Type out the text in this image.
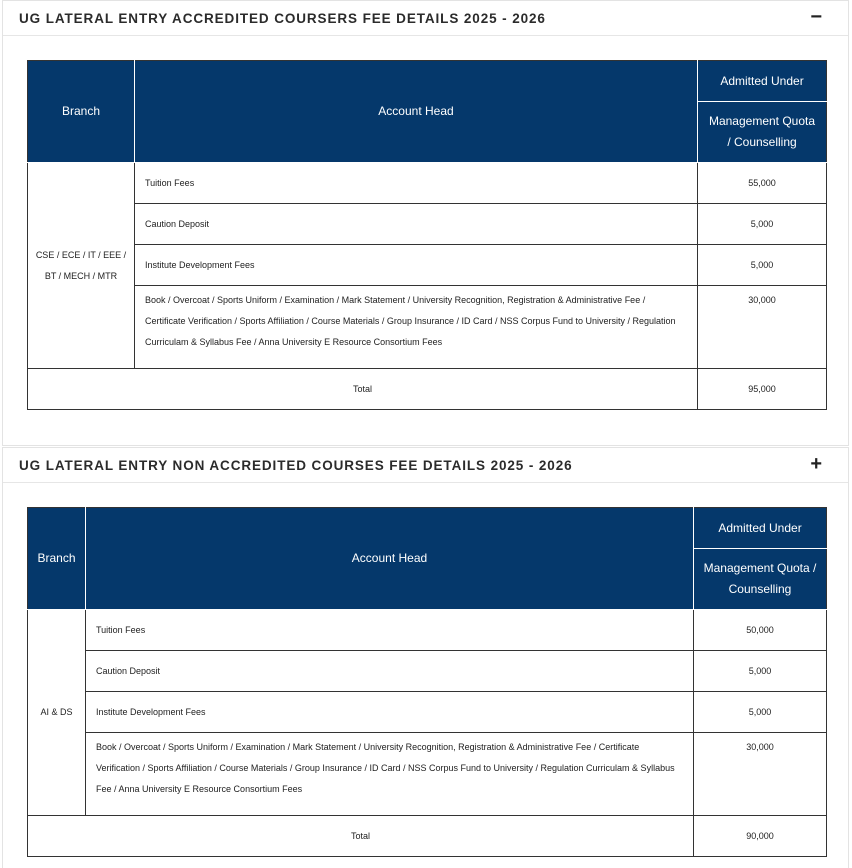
UG LATERAL ENTRY ACCREDITED COURSERS FEE DETAILS 2025 - 2026	−
Branch	Account Head	Admitted Under
		Management Quota / Counselling
CSE / ECE / IT / EEE / BT / MECH / MTR	Tuition Fees	55,000
	Caution Deposit	5,000
	Institute Development Fees	5,000
	Book / Overcoat / Sports Uniform / Examination / Mark Statement / University Recognition, Registration & Administrative Fee / Certificate Verification / Sports Affiliation / Course Materials / Group Insurance / ID Card / NSS Corpus Fund to University / Regulation Curriculam & Syllabus Fee / Anna University E Resource Consortium Fees	30,000
Total		95,000
UG LATERAL ENTRY NON ACCREDITED COURSES FEE DETAILS 2025 - 2026	+
Branch	Account Head	Admitted Under
		Management Quota / Counselling
AI & DS	Tuition Fees	50,000
	Caution Deposit	5,000
	Institute Development Fees	5,000
	Book / Overcoat / Sports Uniform / Examination / Mark Statement / University Recognition, Registration & Administrative Fee / Certificate Verification / Sports Affiliation / Course Materials / Group Insurance / ID Card / NSS Corpus Fund to University / Regulation Curriculam & Syllabus Fee / Anna University E Resource Consortium Fees	30,000
Total		90,000
